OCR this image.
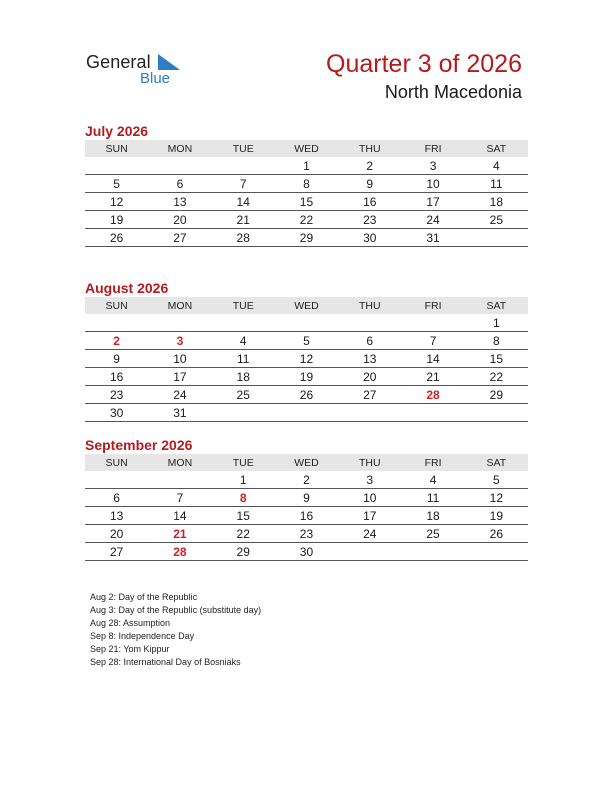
General
Blue
Quarter 3 of 2026
North Macedonia
July 2026
SUN	MON	TUE	WED	THU	FRI	SAT
			1	2	3	4
5	6	7	8	9	10	11
12	13	14	15	16	17	18
19	20	21	22	23	24	25
26	27	28	29	30	31	
August 2026
SUN	MON	TUE	WED	THU	FRI	SAT
						1
2	3	4	5	6	7	8
9	10	11	12	13	14	15
16	17	18	19	20	21	22
23	24	25	26	27	28	29
30	31					
September 2026
SUN	MON	TUE	WED	THU	FRI	SAT
		1	2	3	4	5
6	7	8	9	10	11	12
13	14	15	16	17	18	19
20	21	22	23	24	25	26
27	28	29	30			
Aug 2: Day of the Republic
Aug 3: Day of the Republic (substitute day)
Aug 28: Assumption
Sep 8: Independence Day
Sep 21: Yom Kippur
Sep 28: International Day of Bosniaks
